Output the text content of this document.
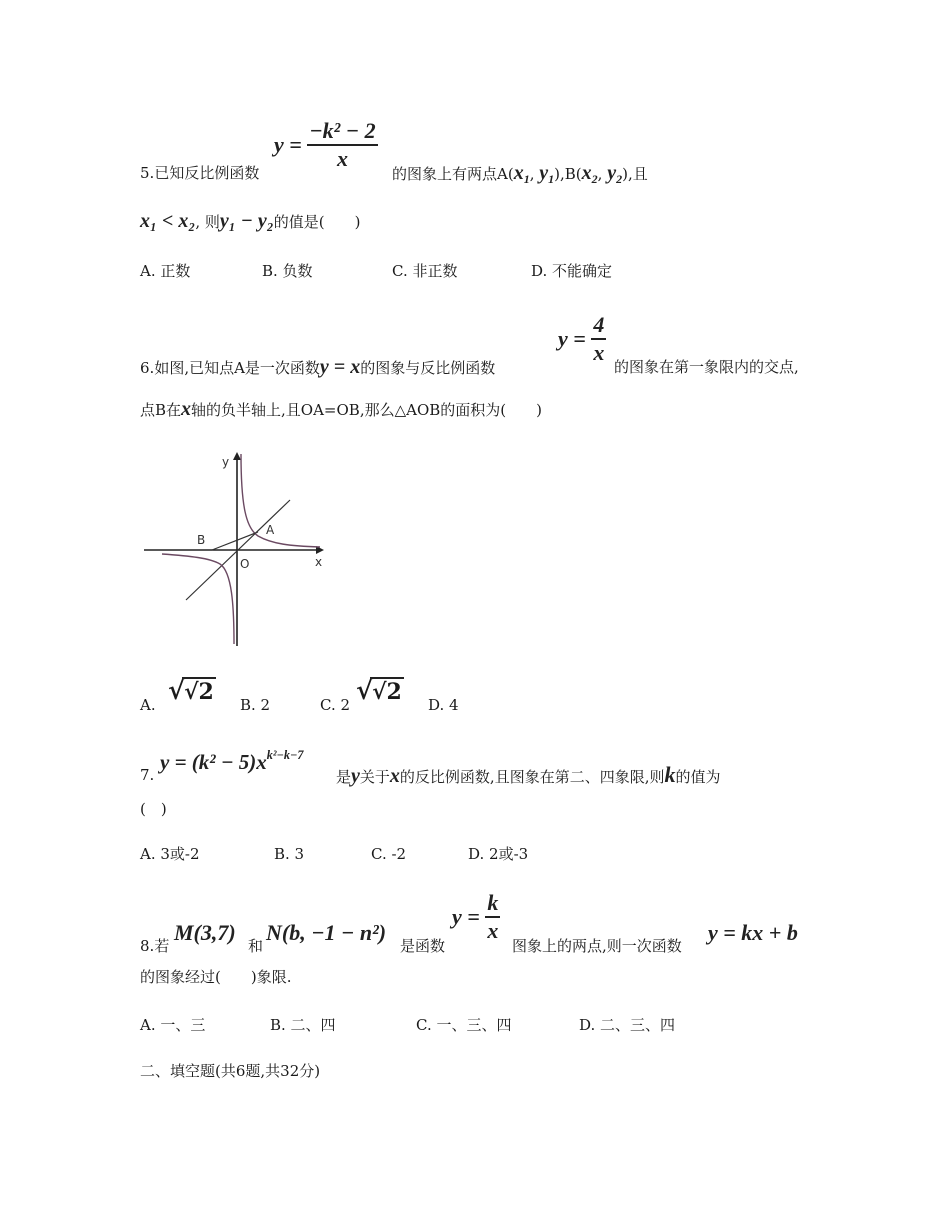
$y = \frac{\text{−k² − 2}}{x}$
5.已知反比例函数	的图象上有两点$A(x_1$, $y_1),B(x_2$, $y_2$),且
x₁ < x₂, 则y₁ − y₂的值是(　　)
A. 正数	B. 负数	C. 非正数	D. 不能确定
$y = \frac{4}{x}$
6.如图,已知点A是一次函数y = x的图象与反比例函数	的图象在第一象限内的交点,
点B在x轴的负半轴上,且OA=OB,那么△AOB的面积为(　　)
y
x
A
B
O
A. √√2 B. 2	C. 2 √√2 D. 4
7.
$y = (k^2 - 5)x^{k^2-k-7}$
是y关于x的反比例函数,且图象在第二、四象限,则k的值为
(　)
A. 3或-2	B. 3	C. -2	D. 2或-3
$y = \frac{k}{x}$
8.若
M(3,7)
和
N(b, −1 − n²)
是函数	图象上的两点,则一次函数
y = kx + b
的图象经过(　　)象限.
A. 一、三	B. 二、四	C. 一、三、四	D. 二、三、四
二、填空题(共6题,共32分)
